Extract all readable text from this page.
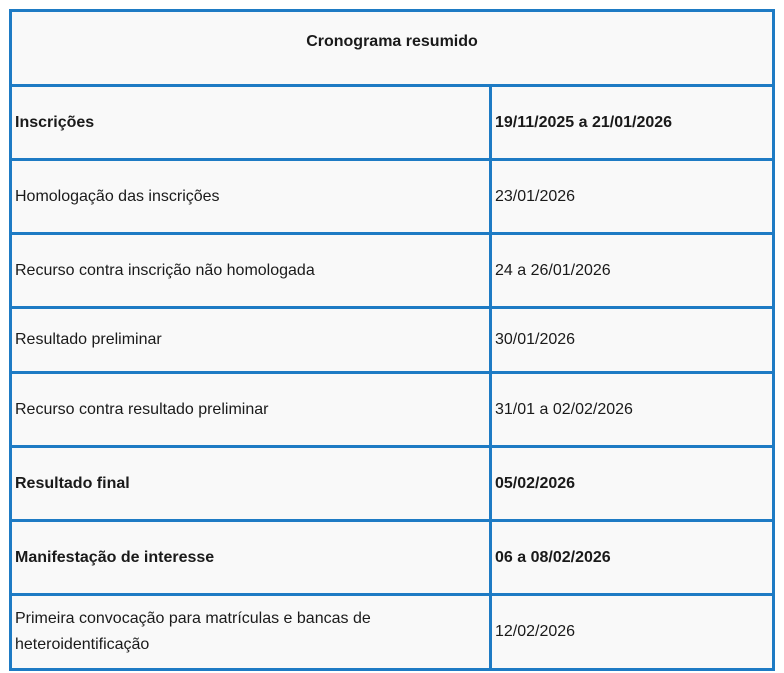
Cronograma resumido	

Inscrições	19/11/2025 a 21/01/2026
Homologação das inscrições	23/01/2026
Recurso contra inscrição não homologada	24 a 26/01/2026
Resultado preliminar	30/01/2026
Recurso contra resultado preliminar	31/01 a 02/02/2026
Resultado final	05/02/2026
Manifestação de interesse	06 a 08/02/2026
Primeira convocação para matrículas e bancas de heteroidentificação	12/02/2026
